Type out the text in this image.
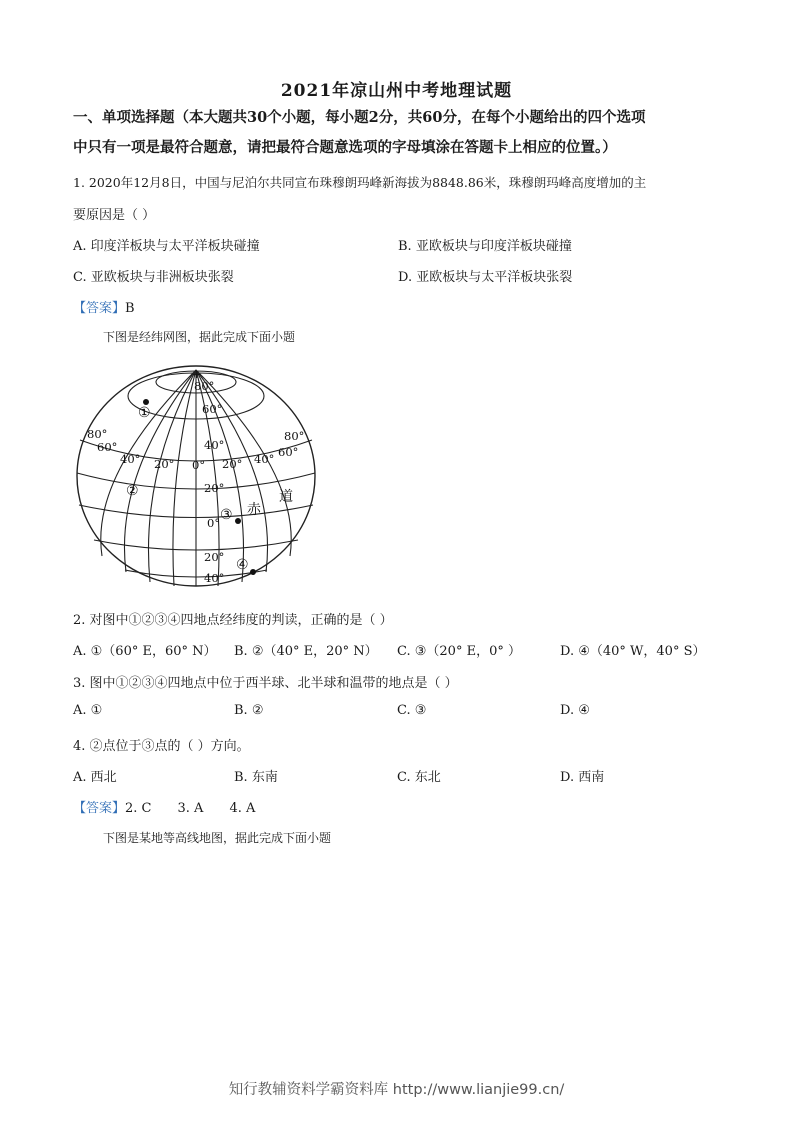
2021年凉山州中考地理试题
一、单项选择题（本大题共30个小题，每小题2分，共60分，在每个小题给出的四个选项
中只有一项是最符合题意，请把最符合题意选项的字母填涂在答题卡上相应的位置。）
1. 2020年12月8日，中国与尼泊尔共同宣布珠穆朗玛峰新海拔为8848.86米，珠穆朗玛峰高度增加的主
要原因是（ ）
A. 印度洋板块与太平洋板块碰撞	B. 亚欧板块与印度洋板块碰撞
C. 亚欧板块与非洲板块张裂	D. 亚欧板块与太平洋板块张裂
【答案】B
下图是经纬网图，据此完成下面小题
+
80°
60°
40°
20°
0°
20°
40°
80°
60°
40° 20° 0° 20° 40° 60°
80°
①
②
③
④
赤
道
2. 对图中①②③④四地点经纬度的判读，正确的是（ ）
A. ①（60° E，60° N） B. ②（40° E，20° N） C. ③（20° E，0° ）	D. ④（40° W，40° S）
3. 图中①②③④四地点中位于西半球、北半球和温带的地点是（ ）
A. ①	B. ②	C. ③	D. ④
4. ②点位于③点的（ ）方向。
A. 西北	B. 东南	C. 东北	D. 西南
【答案】2. C 3. A 4. A
下图是某地等高线地图，据此完成下面小题
知行教辅资料学霸资料库 http://www.lianjie99.cn/
